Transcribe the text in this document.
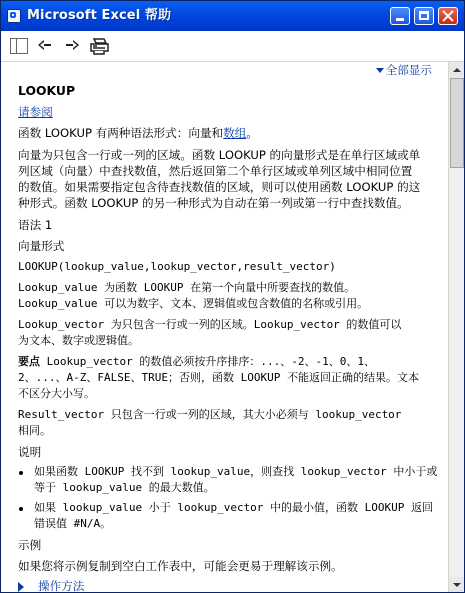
Microsoft Excel 帮助
全部显示
LOOKUP
请参阅
函数 LOOKUP 有两种语法形式：向量和数组。
向量为只包含一行或一列的区域。函数 LOOKUP 的向量形式是在单行区域或单
列区域（向量）中查找数值，然后返回第二个单行区域或单列区域中相同位置
的数值。如果需要指定包含待查找数值的区域，则可以使用函数 LOOKUP 的这
种形式。函数 LOOKUP 的另一种形式为自动在第一列或第一行中查找数值。
语法 1
向量形式
LOOKUP(lookup_value,lookup_vector,result_vector)
Lookup_value 为函数 LOOKUP 在第一个向量中所要查找的数值。
Lookup_value 可以为数字、文本、逻辑值或包含数值的名称或引用。
Lookup_vector 为只包含一行或一列的区域。Lookup_vector 的数值可以
为文本、数字或逻辑值。
要点 Lookup_vector 的数值必须按升序排序：...、-2、-1、0、1、
2、...、A-Z、FALSE、TRUE；否则，函数 LOOKUP 不能返回正确的结果。文本
不区分大小写。
Result_vector 只包含一行或一列的区域，其大小必须与 lookup_vector
相同。
说明
如果函数 LOOKUP 找不到 lookup_value，则查找 lookup_vector 中小于或
等于 lookup_value 的最大数值。
如果 lookup_value 小于 lookup_vector 中的最小值，函数 LOOKUP 返回
错误值 #N/A。
示例
如果您将示例复制到空白工作表中，可能会更易于理解该示例。
操作方法
